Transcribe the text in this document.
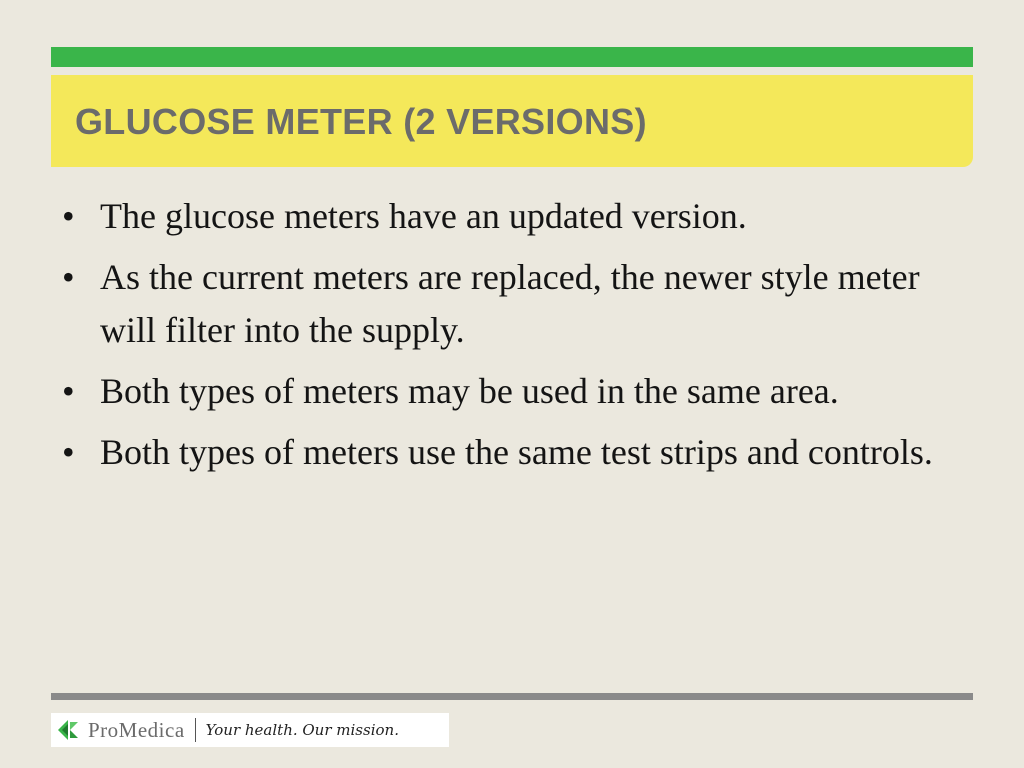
GLUCOSE METER (2 VERSIONS)
• The glucose meters have an updated version.
• As the current meters are replaced, the newer style meter will filter into the supply.
• Both types of meters may be used in the same area.
• Both types of meters use the same test strips and controls.
ProMedica Your health. Our mission.
